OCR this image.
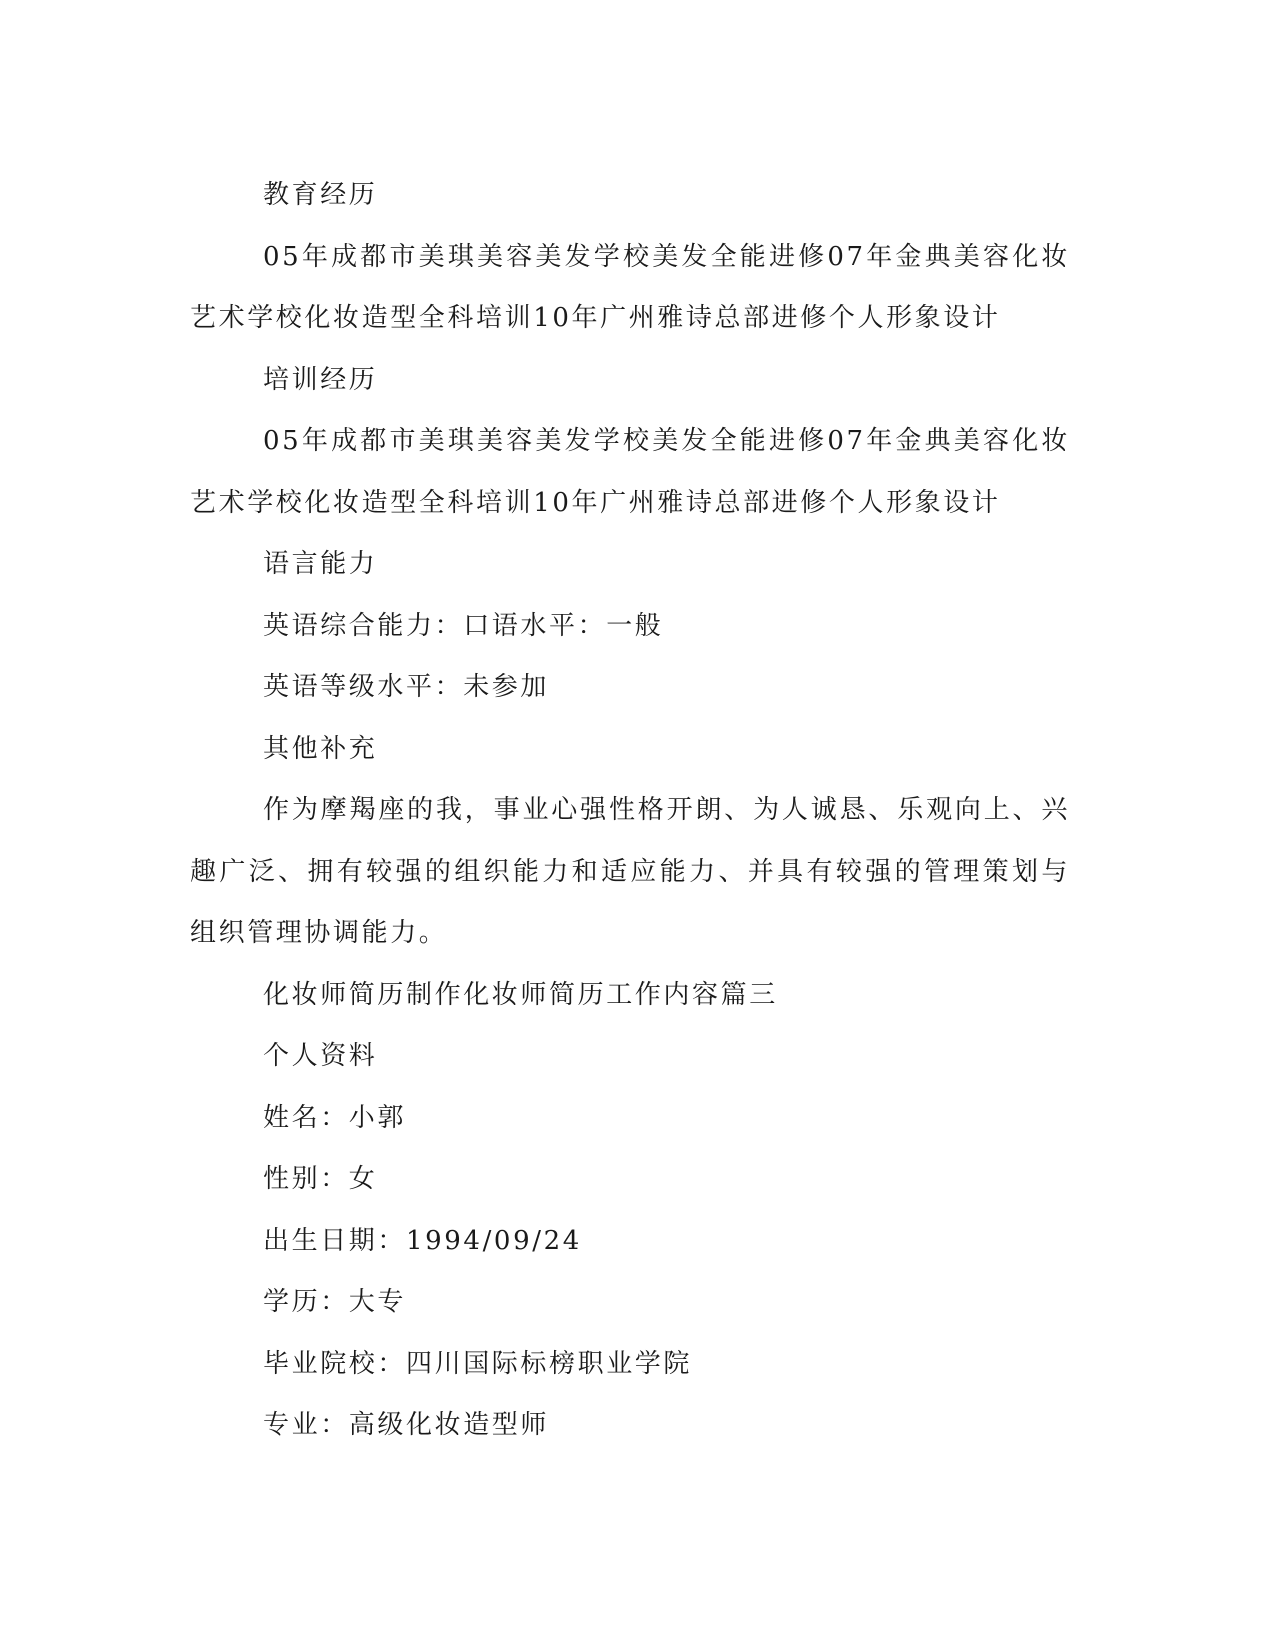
教育经历
05年成都市美琪美容美发学校美发全能进修07年金典美容化妆艺术学校化妆造型全科培训10年广州雅诗总部进修个人形象设计
培训经历
05年成都市美琪美容美发学校美发全能进修07年金典美容化妆艺术学校化妆造型全科培训10年广州雅诗总部进修个人形象设计
语言能力
英语综合能力：口语水平：一般
英语等级水平：未参加
其他补充
作为摩羯座的我，事业心强性格开朗、为人诚恳、乐观向上、兴趣广泛、拥有较强的组织能力和适应能力、并具有较强的管理策划与组织管理协调能力。
化妆师简历制作化妆师简历工作内容篇三
个人资料
姓名：小郭
性别：女
出生日期：1994/09/24
学历：大专
毕业院校：四川国际标榜职业学院
专业：高级化妆造型师
